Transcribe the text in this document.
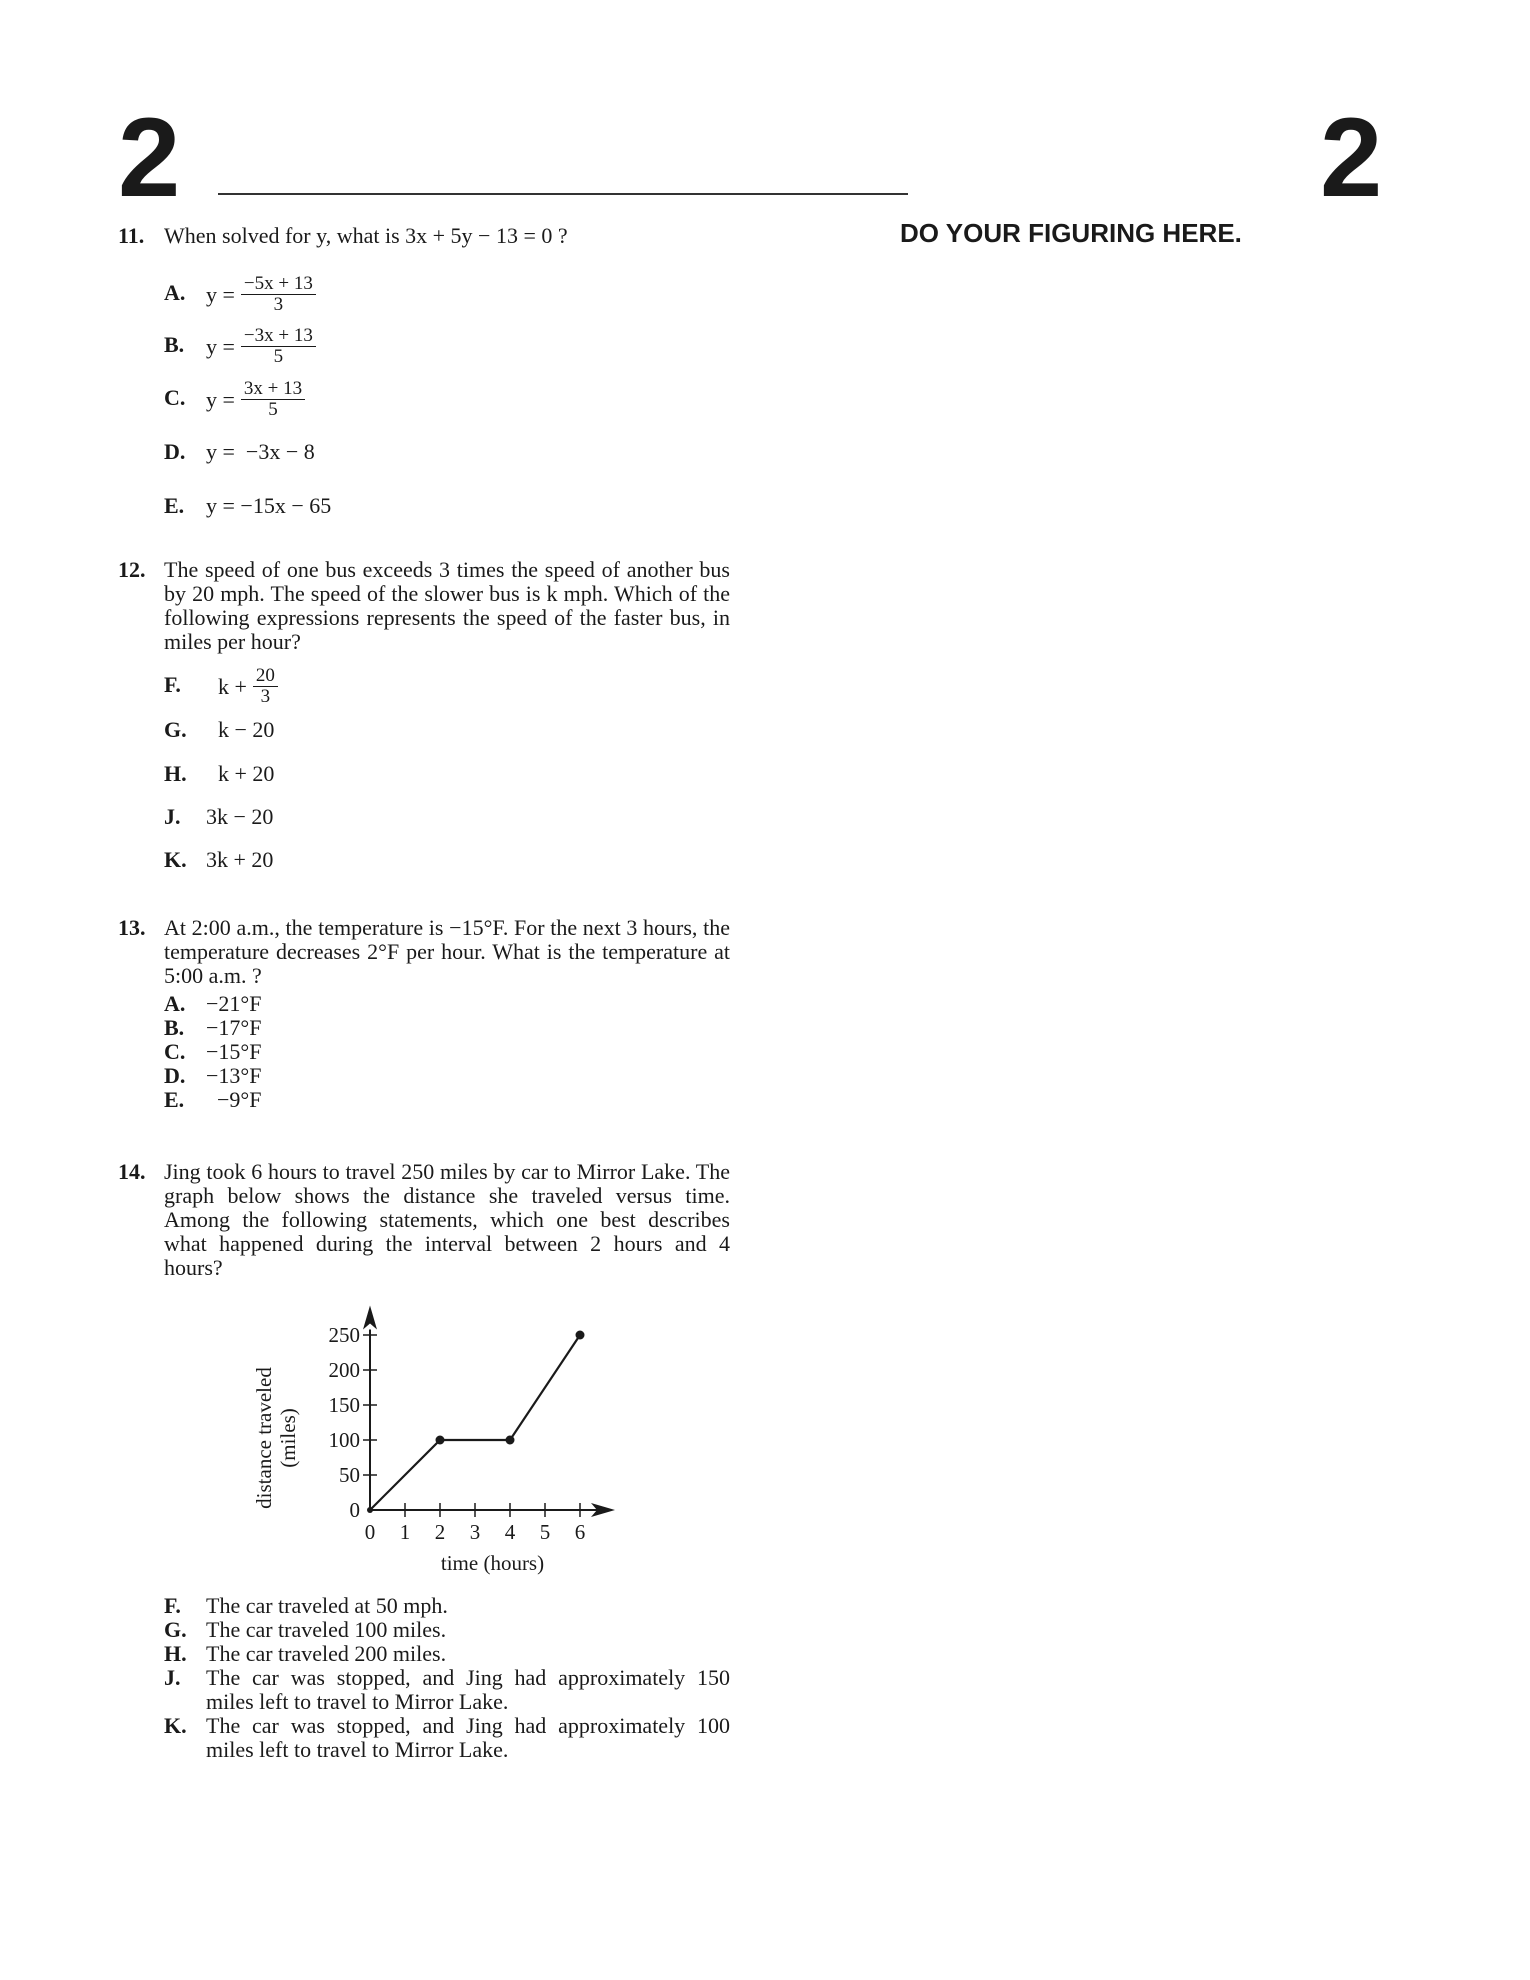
2	2
DO YOUR FIGURING HERE.
11. When solved for y, what is 3x + 5y − 13 = 0 ?
A. $y = \frac{-5x + 13}{3}$
B. $y = \frac{-3x + 13}{5}$
C. $y = \frac{3x + 13}{5}$
D. y =  −3x − 8
E. y = −15x − 65
12. The speed of one bus exceeds 3 times the speed of another bus by 20 mph. The speed of the slower bus is k mph. Which of the following expressions represents the speed of the faster bus, in miles per hour?
F. $k + \frac{20}{3}$
G. k − 20
H. k + 20
J. 3k − 20
K. 3k + 20
13. At 2:00 a.m., the temperature is −15°F. For the next 3 hours, the temperature decreases 2°F per hour. What is the temperature at 5:00 a.m. ?
A. −21°F
B. −17°F
C. −15°F
D. −13°F
E.  −9°F
14. Jing took 6 hours to travel 250 miles by car to Mirror Lake. The graph below shows the distance she traveled versus time. Among the following statements, which one best describes what happened during the interval between 2 hours and 4 hours?
distance traveled (miles)
0 1 2 3 4 5 6
0
50
100
150
200
250
time (hours)
F. The car traveled at 50 mph.
G. The car traveled 100 miles.
H. The car traveled 200 miles.
J. The car was stopped, and Jing had approximately 150 miles left to travel to Mirror Lake.
K. The car was stopped, and Jing had approximately 100 miles left to travel to Mirror Lake.
